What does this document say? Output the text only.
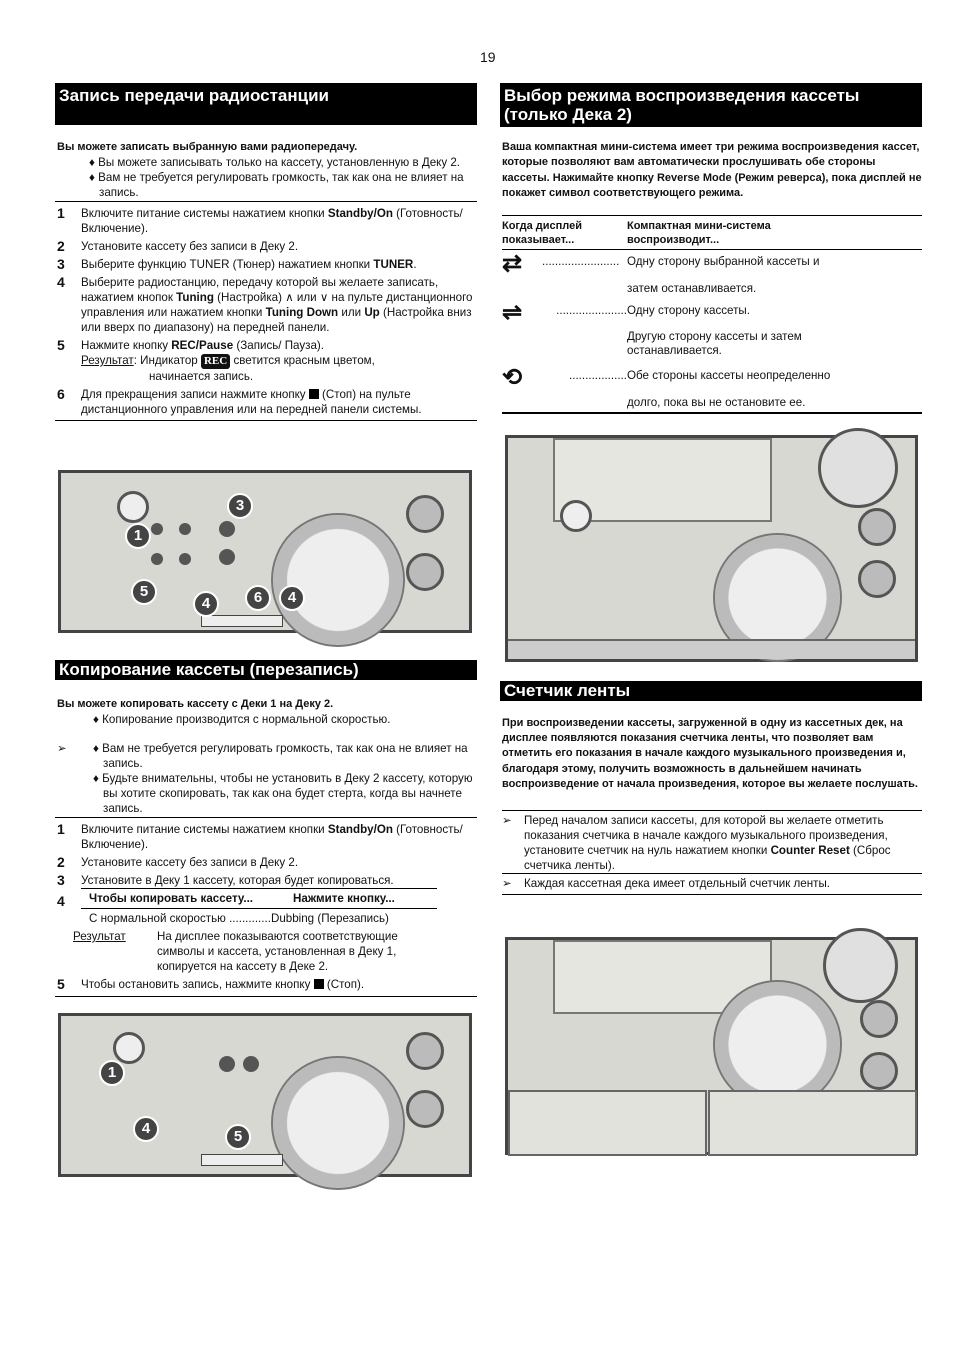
19
Запись передачи радиостанции
Вы можете записать выбранную вами радиопередачу.
♦ Вы можете записывать только на кассету, установленную в Деку 2.
♦ Вам не требуется регулировать громкость, так как она не влияет на запись.
1	Включите питание системы нажатием кнопки Standby/On (Готовность/ Включение).
2	Установите кассету без записи в Деку 2.
3	Выберите функцию TUNER (Тюнер) нажатием кнопки TUNER.
4	Выберите радиостанцию, передачу которой вы желаете записать, нажатием кнопок Tuning (Настройка) ∧ или ∨ на пульте дистанционного управления или нажатием кнопки Tuning Down или Up (Настройка вниз или вверх по диапазону) на передней панели.
5	Нажмите кнопку REC/Pause (Запись/ Пауза).
Результат: Индикатор REC светится красным цветом,
начинается запись.
6	Для прекращения записи нажмите кнопку  (Стоп) на пульте дистанционного управления или на передней панели системы.
1
3
5
4	6	4
Копирование кассеты (перезапись)
Вы можете копировать кассету с Деки 1 на Деку 2.
♦ Копирование производится с нормальной скоростью.
➢	♦ Вам не требуется регулировать громкость, так как она не влияет на запись.
♦ Будьте внимательны, чтобы не установить в Деку 2 кассету, которую вы хотите скопировать, так как она будет стерта, когда вы начнете запись.
1	Включите питание системы нажатием кнопки Standby/On (Готовность/ Включение).
2	Установите кассету без записи в Деку 2.
3	Установите в Деку 1 кассету, которая будет копироваться.
4	Чтобы копировать кассету...	Нажмите кнопку...
С нормальной скоростью .............Dubbing (Перезапись)
Результат	На дисплее показываются соответствующие символы и кассета, установленная в Деку 1, копируется на кассету в Деке 2.
5	Чтобы остановить запись, нажмите кнопку  (Стоп).
1
4	5
Выбор режима воспроизведения кассеты (только Дека 2)
Ваша компактная мини-система имеет три режима воспроизведения кассет, которые позволяют вам автоматически прослушивать обе стороны кассеты. Нажимайте кнопку Reverse Mode (Режим реверса), пока дисплей не покажет символ соответствующего режима.
Когда дисплей показывает...
Компактная мини-система воспроизводит...
⇄	........................ Одну сторону выбранной кассеты и
затем останавливается.
⇌	...................... Одну сторону кассеты.
Другую сторону кассеты и затем останавливается.
⟲	.................. Обе стороны кассеты неопределенно
долго, пока вы не остановите ее.
Счетчик ленты
При воспроизведении кассеты, загруженной в одну из кассетных дек, на дисплее появляются показания счетчика ленты, что позволяет вам отметить его показания в начале каждого музыкального произведения и, благодаря этому, получить возможность в дальнейшем начинать воспроизведение от начала произведения, которое вы желаете послушать.
➢	Перед началом записи кассеты, для которой вы желаете отметить показания счетчика в начале каждого музыкального произведения, установите счетчик на нуль нажатием кнопки Counter Reset (Сброс счетчика ленты).
➢	Каждая кассетная дека имеет отдельный счетчик ленты.
